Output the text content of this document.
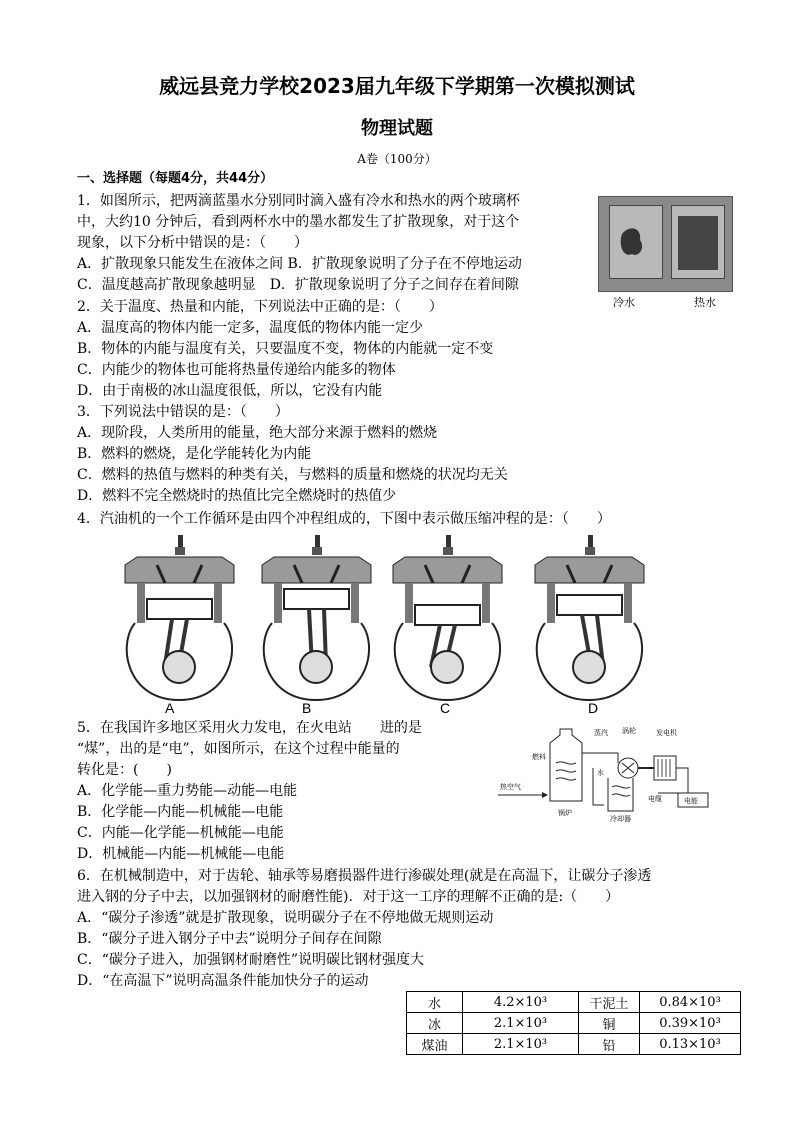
威远县竞力学校2023届九年级下学期第一次模拟测试
物理试题
A卷（100分）
一、选择题（每题4分，共44分）
1．如图所示，把两滴蓝墨水分别同时滴入盛有冷水和热水的两个玻璃杯
中，大约10 分钟后，看到两杯水中的墨水都发生了扩散现象，对于这个
现象，以下分析中错误的是：（　　）
A．扩散现象只能发生在液体之间 B．扩散现象说明了分子在不停地运动
C．温度越高扩散现象越明显　D．扩散现象说明了分子之间存在着间隙
冷水	热水
2．关于温度、热量和内能，下列说法中正确的是：（　　）
A．温度高的物体内能一定多，温度低的物体内能一定少
B．物体的内能与温度有关，只要温度不变，物体的内能就一定不变
C．内能少的物体也可能将热量传递给内能多的物体
D．由于南极的冰山温度很低，所以，它没有内能
3．下列说法中错误的是：（　　）
A．现阶段，人类所用的能量，绝大部分来源于燃料的燃烧
B．燃料的燃烧，是化学能转化为内能
C．燃料的热值与燃料的种类有关，与燃料的质量和燃烧的状况均无关
D．燃料不完全燃烧时的热值比完全燃烧时的热值少
4．汽油机的一个工作循环是由四个冲程组成的，下图中表示做压缩冲程的是：（　　）
A	B	C	D
5．在我国许多地区采用火力发电，在火电站　　进的是
“煤”，出的是“电”，如图所示，在这个过程中能量的
转化是：(　　)
A．化学能—重力势能—动能—电能
B．化学能—内能—机械能—电能
C．内能—化学能—机械能—电能
D．机械能—内能—机械能—电能
蒸汽 涡轮	发电机
燃料
水
电缆
热空气
锅炉
冷却器
电能
6．在机械制造中，对于齿轮、轴承等易磨损器件进行渗碳处理(就是在高温下，让碳分子渗透
进入钢的分子中去，以加强钢材的耐磨性能)．对于这一工序的理解不正确的是:（　　）
A．“碳分子渗透”就是扩散现象，说明碳分子在不停地做无规则运动
B．“碳分子进入钢分子中去”说明分子间存在间隙
C．“碳分子进入，加强钢材耐磨性”说明碳比钢材强度大
D．“在高温下”说明高温条件能加快分子的运动
水	4.2×10³	干泥土	0.84×10³
冰	2.1×10³	铜	0.39×10³
煤油	2.1×10³	铅	0.13×10³
